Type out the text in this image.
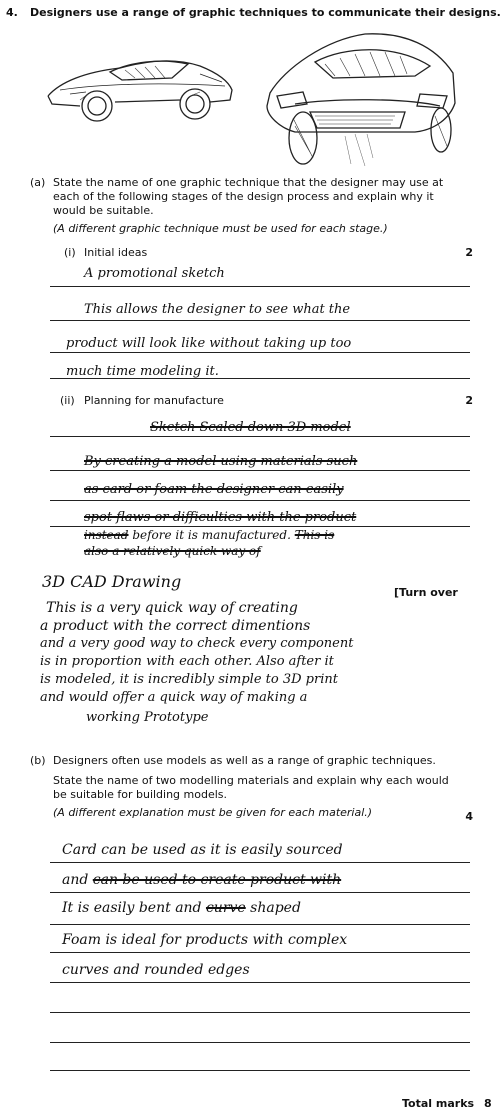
4. Designers use a range of graphic techniques to communicate their designs.
(a) State the name of one graphic technique that the designer may use at
each of the following stages of the design process and explain why it
would be suitable.
(A different graphic technique must be used for each stage.)
(i) Initial ideas	2
A promotional sketch
This allows the designer to see what the
product will look like without taking up too
much time modeling it.
(ii) Planning for manufacture	2
Sketch Scaled down 3D model
By creating a model using materials such
as card or foam the designer can easily
spot flaws or difficulties with the product
instead before it is manufactured. This is
also a relatively quick way of
3D CAD Drawing
[Turn over
This is a very quick way of creating
a product with the correct dimentions
and a very good way to check every component
is in proportion with each other. Also after it
is modeled, it is incredibly simple to 3D print
and would offer a quick way of making a
working Prototype
(b) Designers often use models as well as a range of graphic techniques.
State the name of two modelling materials and explain why each would
be suitable for building models.
(A different explanation must be given for each material.)	4
Card can be used as it is easily sourced
and can be used to create product with
It is easily bent and curve shaped
Foam is ideal for products with complex
curves and rounded edges
Total marks 8
